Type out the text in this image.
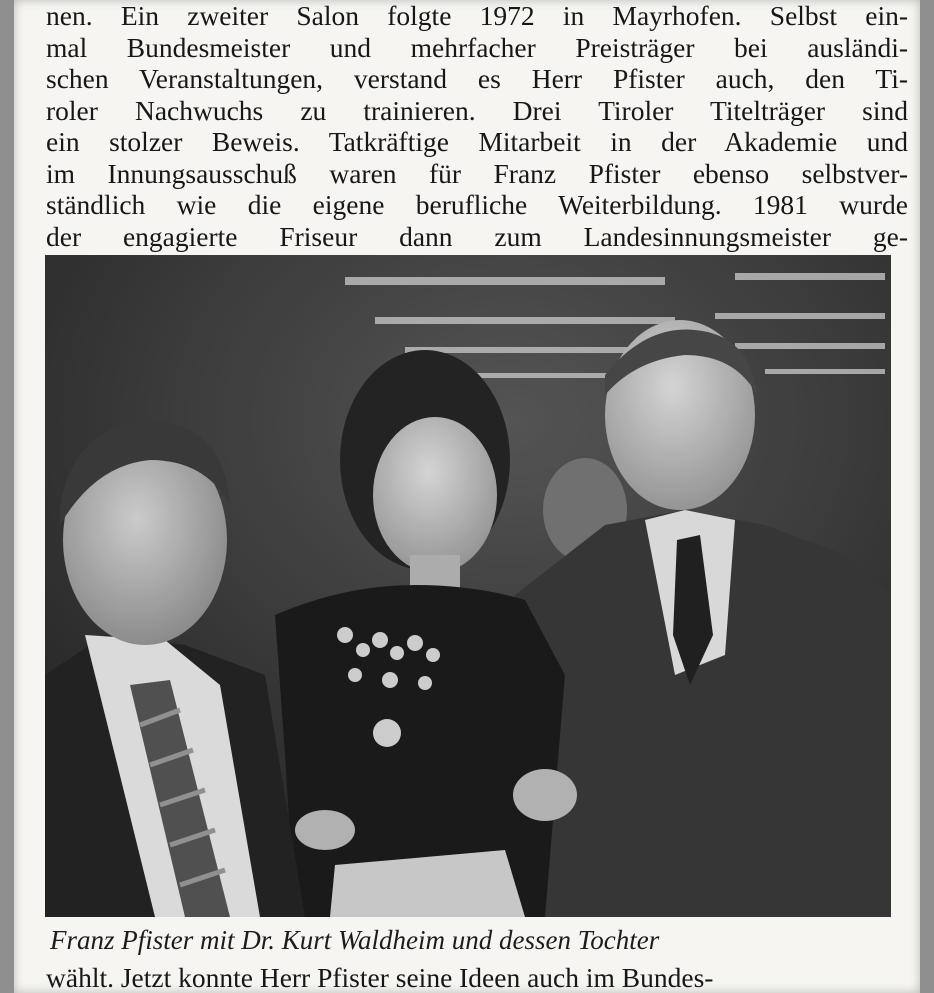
nen. Ein zweiter Salon folgte 1972 in Mayrhofen. Selbst ein-
mal Bundesmeister und mehrfacher Preisträger bei ausländi-
schen Veranstaltungen, verstand es Herr Pfister auch, den Ti-
roler Nachwuchs zu trainieren. Drei Tiroler Titelträger sind
ein stolzer Beweis. Tatkräftige Mitarbeit in der Akademie und
im Innungsausschuß waren für Franz Pfister ebenso selbstver-
ständlich wie die eigene berufliche Weiterbildung. 1981 wurde
der engagierte Friseur dann zum Landesinnungsmeister ge-
Franz Pfister mit Dr. Kurt Waldheim und dessen Tochter
wählt. Jetzt konnte Herr Pfister seine Ideen auch im Bundes-
